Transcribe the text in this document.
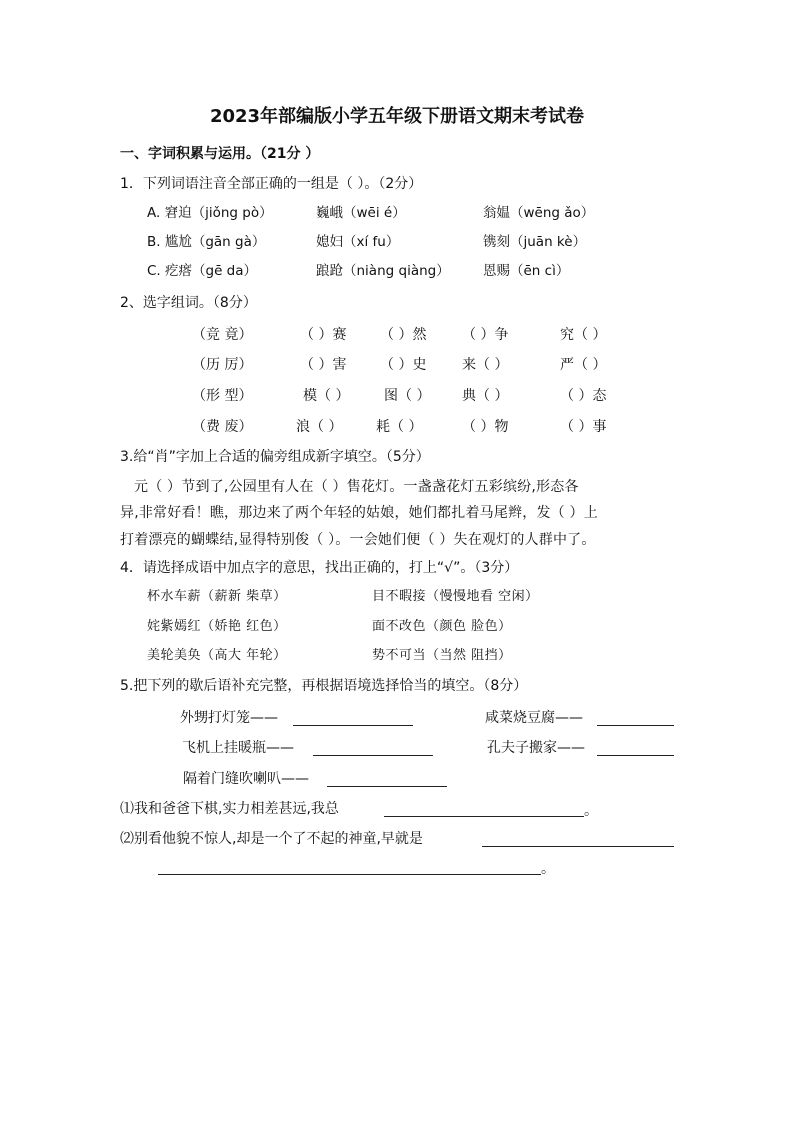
2023年部编版小学五年级下册语文期末考试卷
一、字词积累与运用。（21分 ）
1．下列词语注音全部正确的一组是（ ）。（2分）
A. 窘迫（jiǒng pò）	巍峨（wēi é）	翁媪（wēng ǎo）
B. 尴尬（gān gà）	媳妇（xí fu）	镌刻（juān kè）
C. 疙瘩（gē da）	踉跄（niàng qiàng） 恩赐（ēn cì）
2、选字组词。（8分）
（竞 竟）	（ ）赛 （ ）然	（ ）争	究（ ）
（历 厉）	（ ）害 （ ）史	来（ ）	严（ ）
（形 型）	模（ ） 图（ ） 典（ ）	（ ）态
（费 废）	浪（ ） 耗（ ）	（ ）物	（ ）事
3.给“肖”字加上合适的偏旁组成新字填空。（5分）
元（ ）节到了,公园里有人在（ ）售花灯。一盏盏花灯五彩缤纷,形态各
异,非常好看！瞧，那边来了两个年轻的姑娘，她们都扎着马尾辫，发（ ）上
打着漂亮的蝴蝶结,显得特别俊（ ）。一会她们便（ ）失在观灯的人群中了。
4．请选择成语中加点字的意思，找出正确的，打上“√”。（3分）
杯水车薪（薪新 柴草）	目不暇接（慢慢地看 空闲）
姹紫嫣红（娇艳 红色）	面不改色（颜色 脸色）
美轮美奂（高大 年轮）	势不可当（当然 阻挡）
5.把下列的歇后语补充完整，再根据语境选择恰当的填空。（8分）
外甥打灯笼——	咸菜烧豆腐——
飞机上挂暖瓶——	孔夫子搬家——
隔着门缝吹喇叭——
⑴我和爸爸下棋,实力相差甚远,我总	。
⑵别看他貌不惊人,却是一个了不起的神童,早就是
。
